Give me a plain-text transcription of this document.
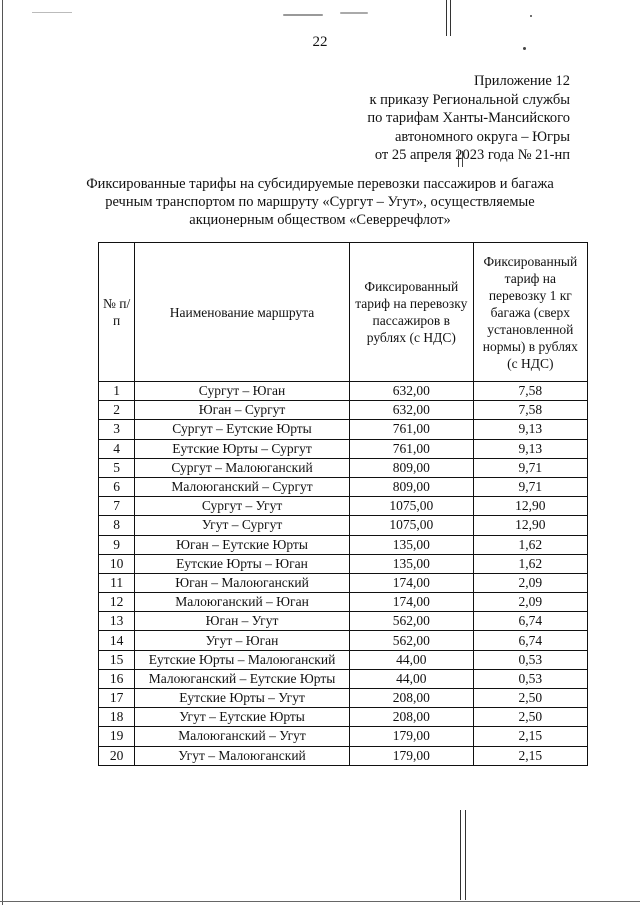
22
Приложение 12
к приказу Региональной службы
по тарифам Ханты-Мансийского
автономного округа – Югры
от 25 апреля 2023 года № 21-нп
Фиксированные тарифы на субсидируемые перевозки пассажиров и багажа
речным транспортом по маршруту «Сургут – Угут», осуществляемые
акционерным обществом «Северречфлот»
№ п/п	Наименование маршрута	Фиксированный тариф на перевозку пассажиров в рублях (с НДС)	Фиксированный тариф на перевозку 1 кг багажа (сверх установленной нормы) в рублях (с НДС)
1	Сургут – Юган	632,00	7,58
2	Юган – Сургут	632,00	7,58
3	Сургут – Еутские Юрты	761,00	9,13
4	Еутские Юрты – Сургут	761,00	9,13
5	Сургут – Малоюганский	809,00	9,71
6	Малоюганский – Сургут	809,00	9,71
7	Сургут – Угут	1075,00	12,90
8	Угут – Сургут	1075,00	12,90
9	Юган – Еутские Юрты	135,00	1,62
10	Еутские Юрты – Юган	135,00	1,62
11	Юган – Малоюганский	174,00	2,09
12	Малоюганский – Юган	174,00	2,09
13	Юган – Угут	562,00	6,74
14	Угут – Юган	562,00	6,74
15	Еутские Юрты – Малоюганский	44,00	0,53
16	Малоюганский – Еутские Юрты	44,00	0,53
17	Еутские Юрты – Угут	208,00	2,50
18	Угут – Еутские Юрты	208,00	2,50
19	Малоюганский – Угут	179,00	2,15
20	Угут – Малоюганский	179,00	2,15
